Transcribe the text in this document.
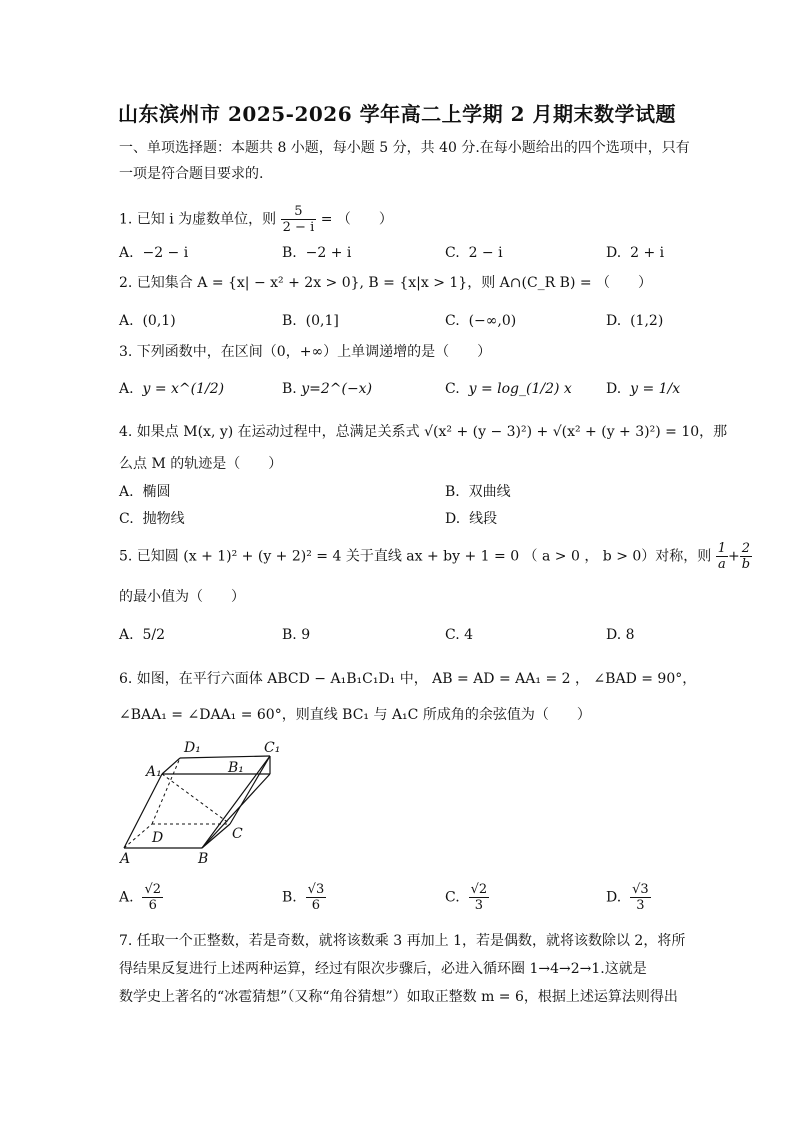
山东滨州市 2025-2026 学年高二上学期 2 月期末数学试题
一、单项选择题：本题共 8 小题，每小题 5 分，共 40 分.在每小题给出的四个选项中，只有
一项是符合题目要求的.
1. 已知 i 为虚数单位，则 $\frac{5}{2 - i}$ = （　　）
A. −2 − i	B. −2 + i	C. 2 − i	D. 2 + i
2. 已知集合 A = {x| − x² + 2x > 0}, B = {x|x > 1}，则 A∩(C_R B) = （　　）
A. (0,1)	B. (0,1]	C. (−∞,0)	D. (1,2)
3. 下列函数中，在区间（0，+∞）上单调递增的是（　　）
A. y = x^(1/2)	B. y=2^(−x)	C. y = log_(1/2) x D. y = 1/x
4. 如果点 M(x, y) 在运动过程中，总满足关系式 √(x² + (y − 3)²) + √(x² + (y + 3)²) = 10，那
么点 M 的轨迹是（　　）
A. 椭圆	B. 双曲线
C. 抛物线	D. 线段
5. 已知圆 (x + 1)² + (y + 2)² = 4 关于直线 ax + by + 1 = 0 （ a > 0 ， b > 0）对称，则 $\frac{1}{a} + \frac{2}{b}$
的最小值为（　　）
A. 5/2	B. 9	C. 4	D. 8
6. 如图，在平行六面体 ABCD − A₁B₁C₁D₁ 中， AB = AD = AA₁ = 2 ， ∠BAD = 90°，
∠BAA₁ = ∠DAA₁ = 60°，则直线 BC₁ 与 A₁C 所成角的余弦值为（　　）
D₁	C₁
A₁	B₁
D	C
A	B
A. $\frac{√2}{6}$	B. $\frac{√3}{6}$	C. $\frac{√2}{3}$	D. $\frac{√3}{3}$
7. 任取一个正整数，若是奇数，就将该数乘 3 再加上 1，若是偶数，就将该数除以 2，将所
得结果反复进行上述两种运算，经过有限次步骤后，必进入循环圈 1→4→2→1.这就是
数学史上著名的“冰雹猜想”（又称“角谷猜想”）如取正整数 m = 6，根据上述运算法则得出
